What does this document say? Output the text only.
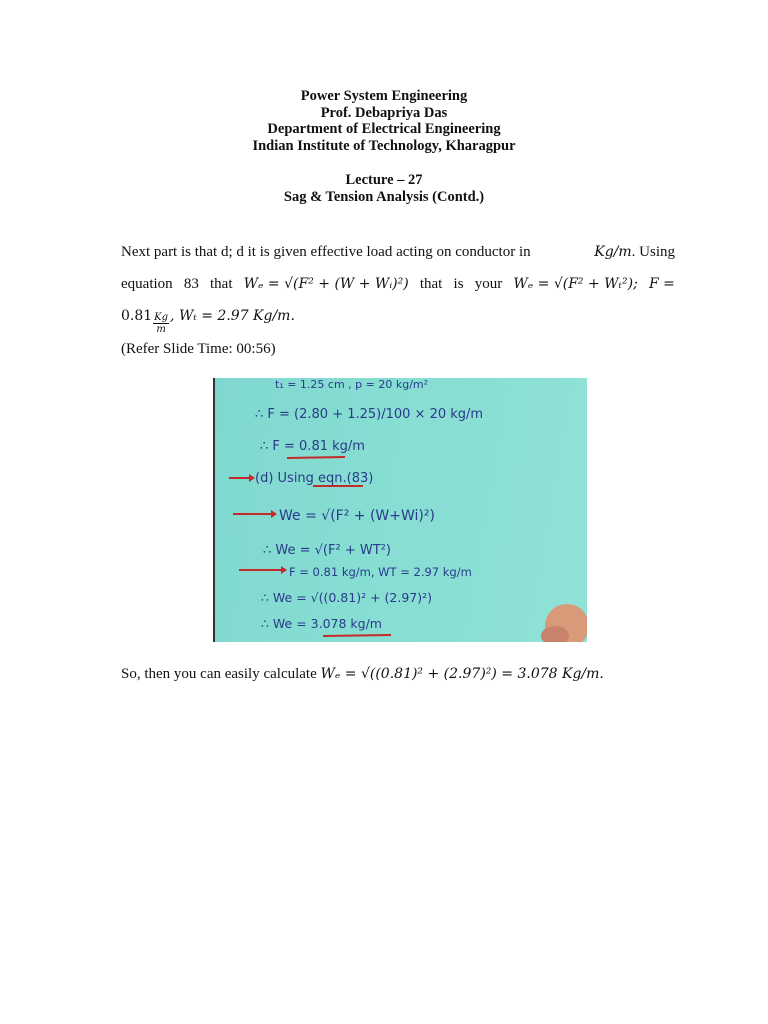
Power System Engineering
Prof. Debapriya Das
Department of Electrical Engineering
Indian Institute of Technology, Kharagpur
Lecture – 27
Sag & Tension Analysis (Contd.)
Next part is that d; d it is given effective load acting on conductor in	Kg/m. Using
equation 83 that Wₑ = √(F² + (W + Wᵢ)²) that is your Wₑ = √(F² + Wₜ²); F =
$0.81 \frac{Kg}{m}$ , Wₜ = 2.97 Kg/m.
(Refer Slide Time: 00:56)
t₁ = 1.25 cm , p = 20 kg/m²
∴ F = (2.80 + 1.25)/100 × 20 kg/m
∴ F = 0.81 kg/m
(d) Using eqn.(83)
We = √(F² + (W+Wi)²)
∴ We = √(F² + WT²)
F = 0.81 kg/m, WT = 2.97 kg/m
∴ We = √((0.81)² + (2.97)²)
∴ We = 3.078 kg/m
So, then you can easily calculate Wₑ = √((0.81)² + (2.97)²) = 3.078 Kg/m.
